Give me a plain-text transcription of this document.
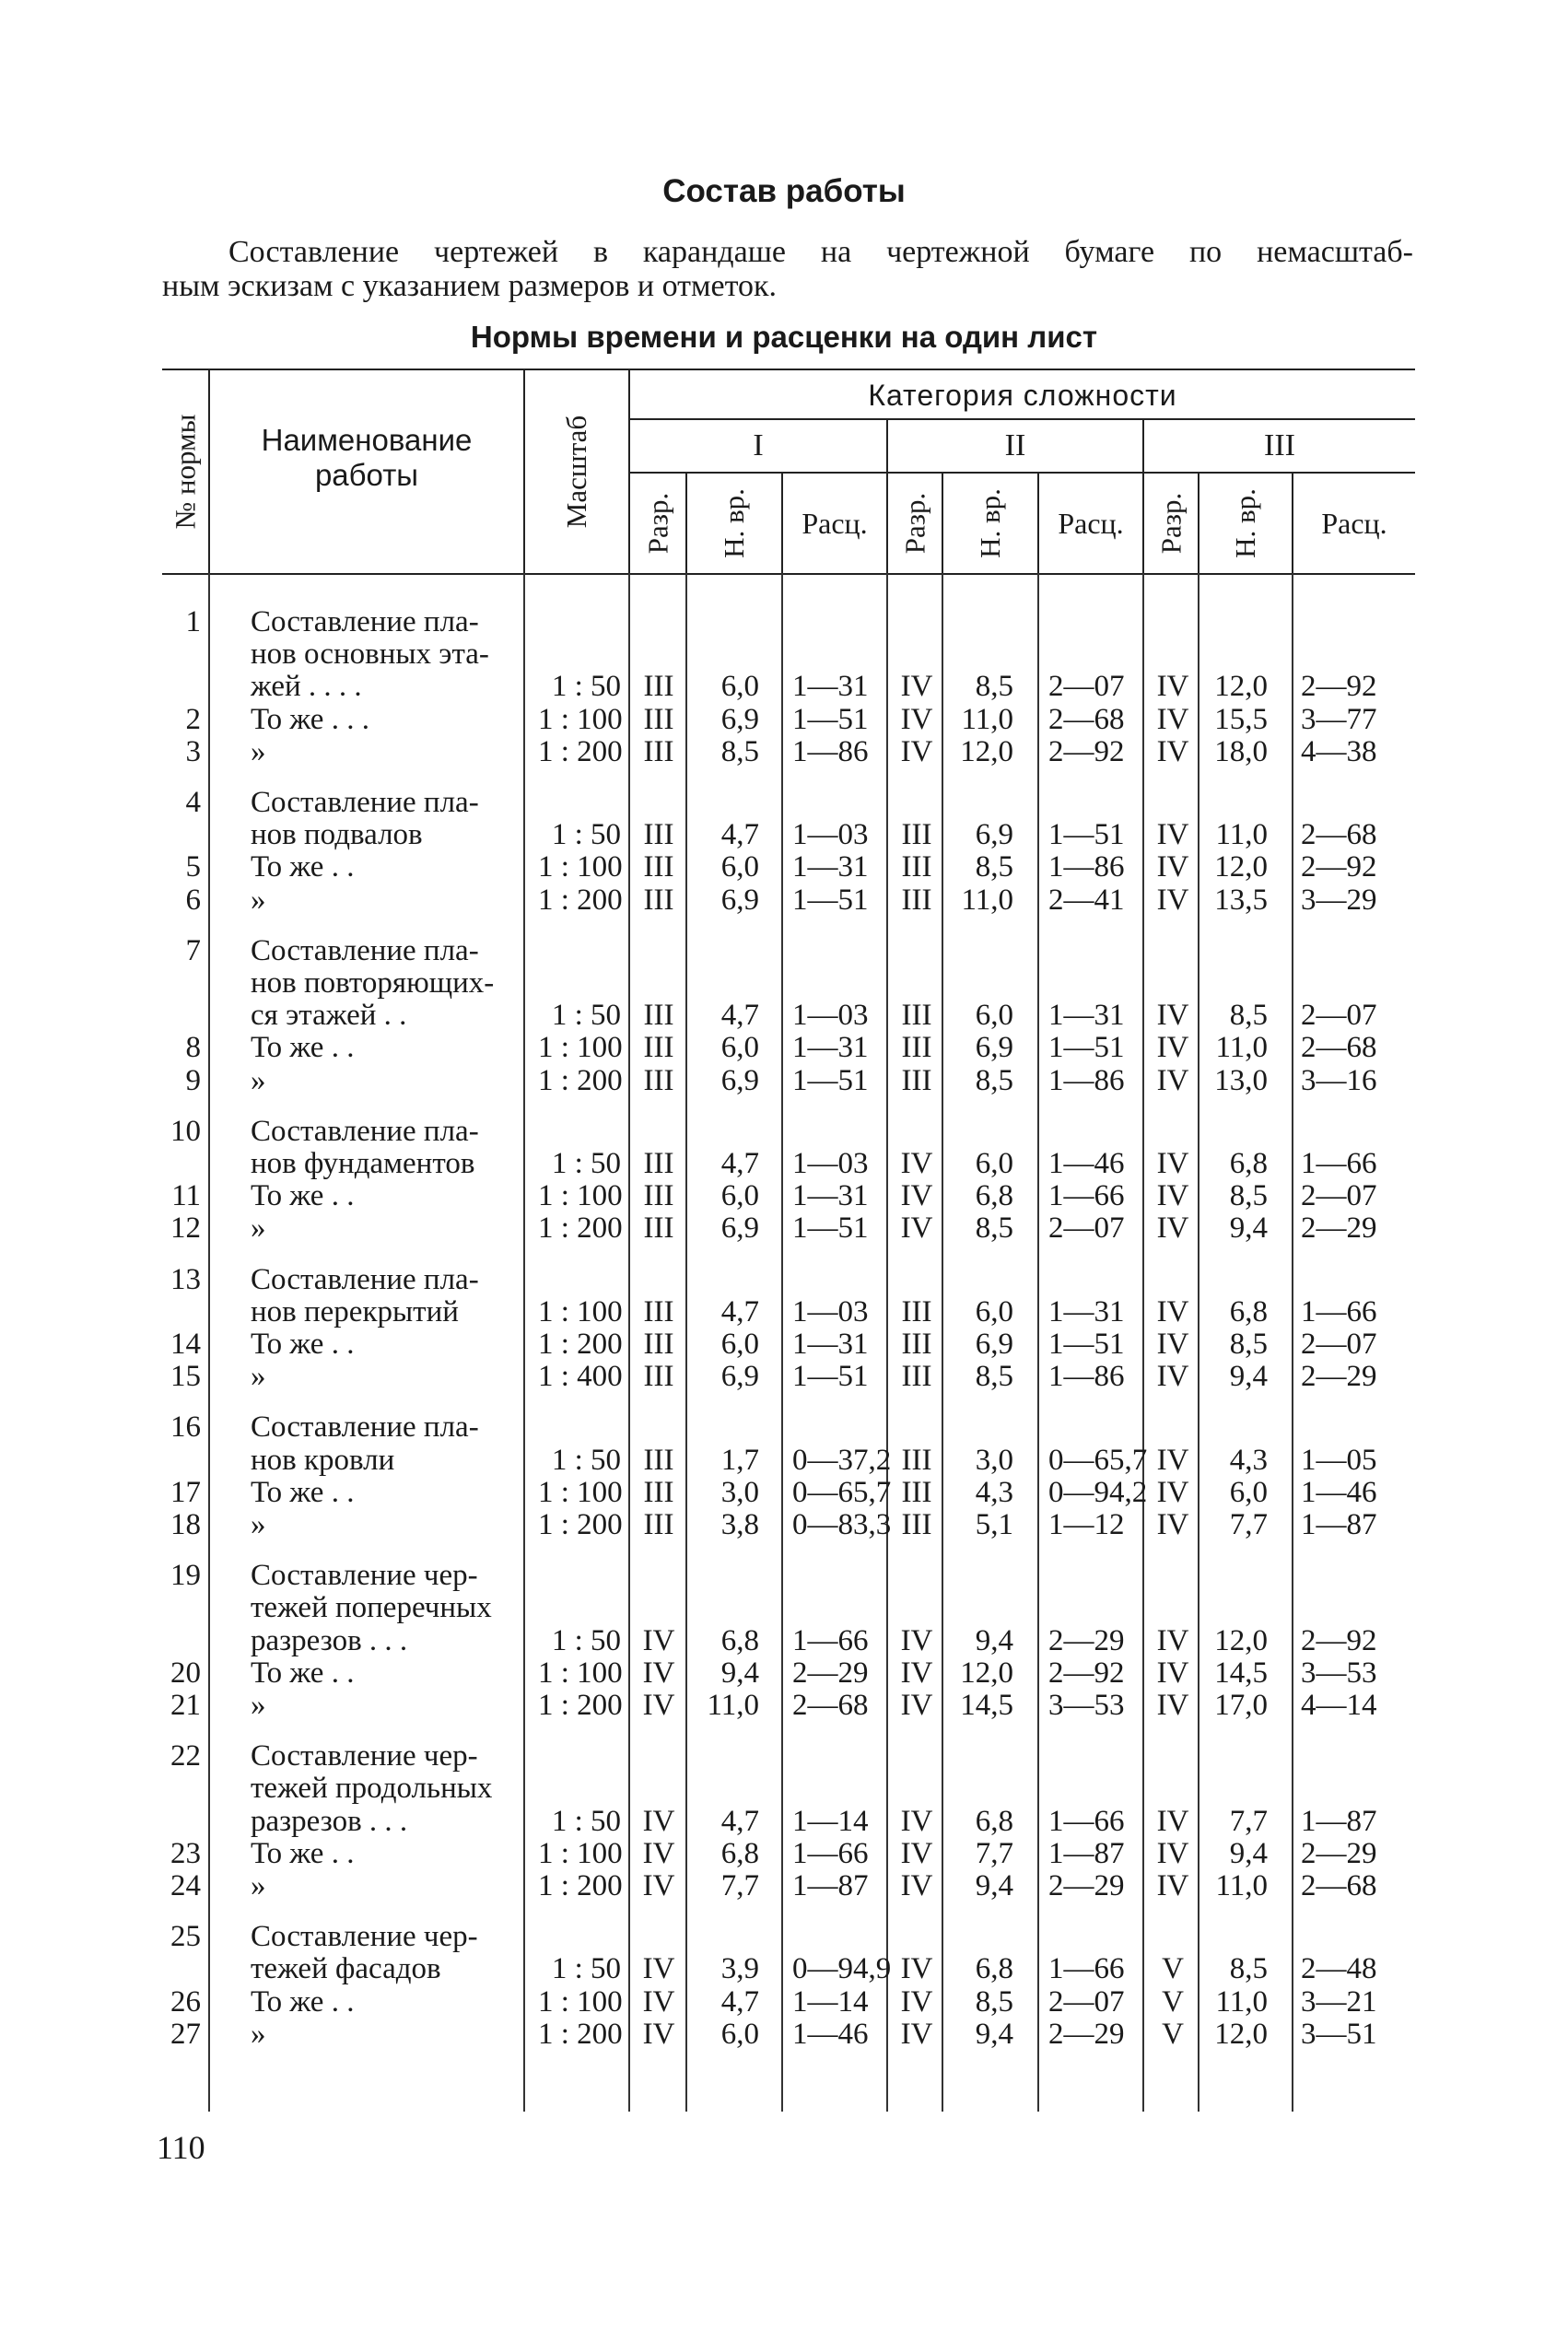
Состав работы
Составление чертежей в карандаше на чертежной бумаге по немасштаб-
ным эскизам с указанием размеров и отметок.
Нормы времени и расценки на один лист
№ нормы	Наименование работы	Масштаб
Категория сложности
I	II	III
Разр. Н. вр. Расц. Разр. Н. вр. Расц. Разр. Н. вр. Расц.
1 Составление пла-
нов основных эта-
жей . . . .	1 : 50 III	6,0 1—31	IV	8,5 2—07	IV 12,0 2—92
2 То же . . .	1 : 100 III	6,9 1—51	IV 11,0 2—68	IV 15,5 3—77
3 »	1 : 200 III	8,5 1—86	IV 12,0 2—92	IV 18,0 4—38
4 Составление пла-
нов подвалов	1 : 50 III	4,7 1—03	III	6,9 1—51	IV 11,0 2—68
5 То же . .	1 : 100 III	6,0 1—31	III	8,5 1—86	IV 12,0 2—92
6 »	1 : 200 III	6,9 1—51	III 11,0 2—41	IV 13,5 3—29
7 Составление пла-
нов повторяющих-
ся этажей . .	1 : 50 III	4,7 1—03	III	6,0 1—31	IV	8,5 2—07
8 То же . .	1 : 100 III	6,0 1—31	III	6,9 1—51	IV 11,0 2—68
9 »	1 : 200 III	6,9 1—51	III	8,5 1—86	IV 13,0 3—16
10 Составление пла-
нов фундаментов	1 : 50 III	4,7 1—03	IV	6,0 1—46	IV	6,8 1—66
11 То же . .	1 : 100 III	6,0 1—31	IV	6,8 1—66	IV	8,5 2—07
12 »	1 : 200 III	6,9 1—51	IV	8,5 2—07	IV	9,4 2—29
13 Составление пла-
нов перекрытий	1 : 100 III	4,7 1—03	III	6,0 1—31	IV	6,8 1—66
14 То же . .	1 : 200 III	6,0 1—31	III	6,9 1—51	IV	8,5 2—07
15 »	1 : 400 III	6,9 1—51	III	8,5 1—86	IV	9,4 2—29
16 Составление пла-
нов кровли	1 : 50 III	1,7 0—37,2 III	3,0 0—65,7 IV	4,3 1—05
17 То же . .	1 : 100 III	3,0 0—65,7 III	4,3 0—94,2 IV	6,0 1—46
18 »	1 : 200 III	3,8 0—83,3 III	5,1 1—12	IV	7,7 1—87
19 Составление чер-
тежей поперечных
разрезов . . .	1 : 50 IV	6,8 1—66	IV	9,4 2—29	IV 12,0 2—92
20 То же . .	1 : 100 IV	9,4 2—29	IV 12,0 2—92	IV 14,5 3—53
21 »	1 : 200 IV	11,0 2—68	IV 14,5 3—53	IV 17,0 4—14
22 Составление чер-
тежей продольных
разрезов . . .	1 : 50 IV	4,7 1—14	IV	6,8 1—66	IV	7,7 1—87
23 То же . .	1 : 100 IV	6,8 1—66	IV	7,7 1—87	IV	9,4 2—29
24 »	1 : 200 IV	7,7 1—87	IV	9,4 2—29	IV 11,0 2—68
25 Составление чер-
тежей фасадов	1 : 50 IV	3,9 0—94,9 IV	6,8 1—66	V	8,5 2—48
26 То же . .	1 : 100 IV	4,7 1—14	IV	8,5 2—07	V	11,0 3—21
27 »	1 : 200 IV	6,0 1—46	IV	9,4 2—29	V	12,0 3—51
110
